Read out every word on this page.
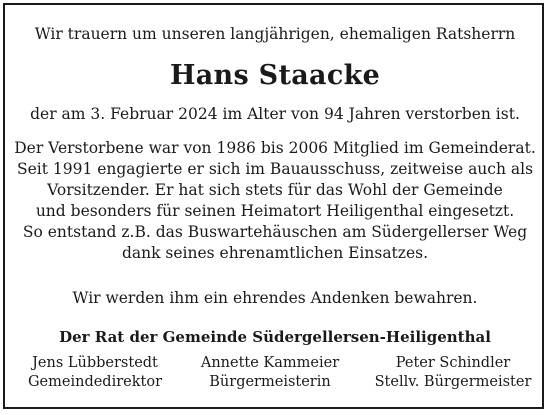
Wir trauern um unseren langjährigen, ehemaligen Ratsherrn
Hans Staacke
der am 3. Februar 2024 im Alter von 94 Jahren verstorben ist.
Der Verstorbene war von 1986 bis 2006 Mitglied im Gemeinderat.
Seit 1991 engagierte er sich im Bauausschuss, zeitweise auch als
Vorsitzender. Er hat sich stets für das Wohl der Gemeinde
und besonders für seinen Heimatort Heiligenthal eingesetzt.
So entstand z.B. das Buswartehäuschen am Südergellerser Weg
dank seines ehrenamtlichen Einsatzes.
Wir werden ihm ein ehrendes Andenken bewahren.
Der Rat der Gemeinde Südergellersen-Heiligenthal
Jens Lübberstedt
Gemeindedirektor
Annette Kammeier
Bürgermeisterin
Peter Schindler
Stellv. Bürgermeister
